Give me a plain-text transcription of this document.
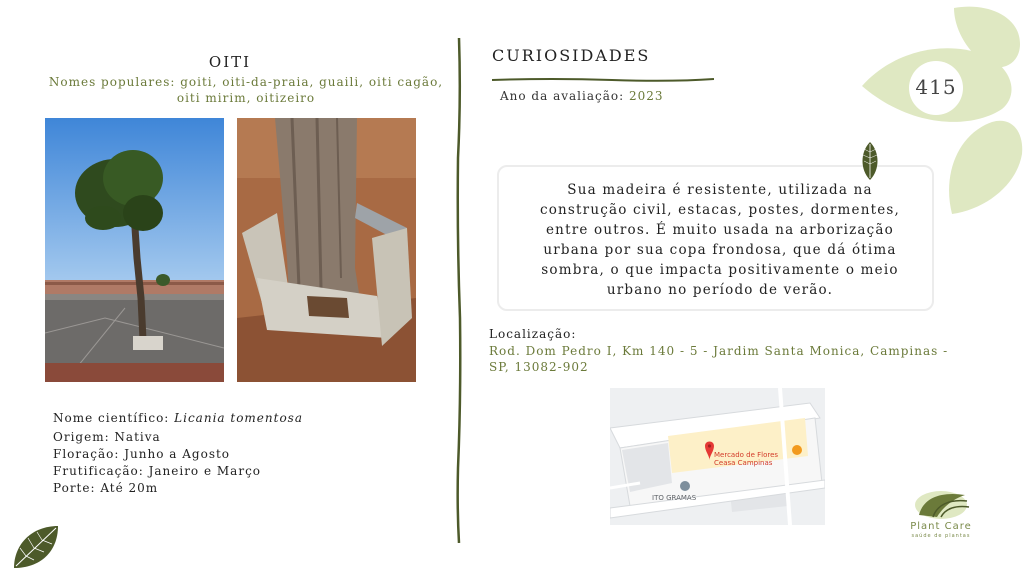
OITI
Nomes populares: goiti, oiti-da-praia, guaili, oiti cagão, oiti mirim, oitizeiro
Nome científico: Licania tomentosa
Origem: Nativa
Floração: Junho a Agosto
Frutificação: Janeiro e Março
Porte: Até 20m
CURIOSIDADES
Ano da avaliação: 2023
Sua madeira é resistente, utilizada na construção civil, estacas, postes, dormentes, entre outros. É muito usada na arborização urbana por sua copa frondosa, que dá ótima sombra, o que impacta positivamente o meio urbano no período de verão.
Localização:
Rod. Dom Pedro I, Km 140 - 5 - Jardim Santa Monica, Campinas - SP, 13082-902
Mercado de Flores
Ceasa Campinas
ITO GRAMAS
415
Plant Care
saúde de plantas
